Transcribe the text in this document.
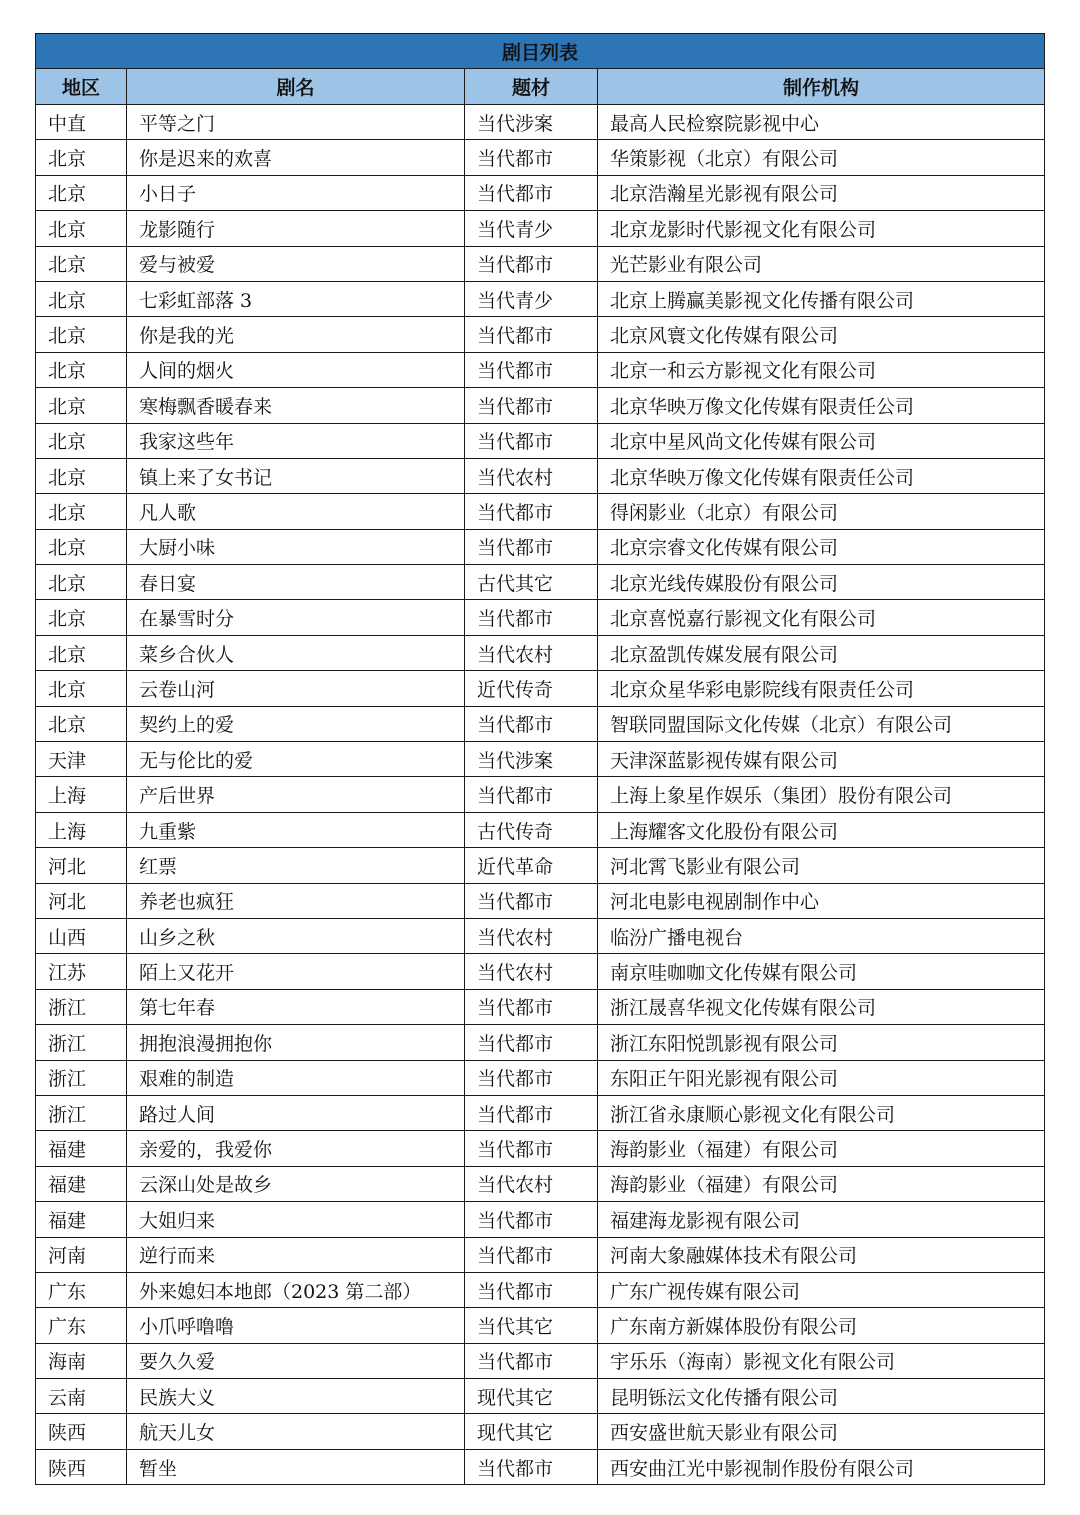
剧目列表			
地区	剧名	题材	制作机构
中直	平等之门	当代涉案	最高人民检察院影视中心
北京	你是迟来的欢喜	当代都市	华策影视（北京）有限公司
北京	小日子	当代都市	北京浩瀚星光影视有限公司
北京	龙影随行	当代青少	北京龙影时代影视文化有限公司
北京	爱与被爱	当代都市	光芒影业有限公司
北京	七彩虹部落 3	当代青少	北京上腾赢美影视文化传播有限公司
北京	你是我的光	当代都市	北京风寰文化传媒有限公司
北京	人间的烟火	当代都市	北京一和云方影视文化有限公司
北京	寒梅飘香暖春来	当代都市	北京华映万像文化传媒有限责任公司
北京	我家这些年	当代都市	北京中星风尚文化传媒有限公司
北京	镇上来了女书记	当代农村	北京华映万像文化传媒有限责任公司
北京	凡人歌	当代都市	得闲影业（北京）有限公司
北京	大厨小味	当代都市	北京宗睿文化传媒有限公司
北京	春日宴	古代其它	北京光线传媒股份有限公司
北京	在暴雪时分	当代都市	北京喜悦嘉行影视文化有限公司
北京	菜乡合伙人	当代农村	北京盈凯传媒发展有限公司
北京	云卷山河	近代传奇	北京众星华彩电影院线有限责任公司
北京	契约上的爱	当代都市	智联同盟国际文化传媒（北京）有限公司
天津	无与伦比的爱	当代涉案	天津深蓝影视传媒有限公司
上海	产后世界	当代都市	上海上象星作娱乐（集团）股份有限公司
上海	九重紫	古代传奇	上海耀客文化股份有限公司
河北	红票	近代革命	河北霄飞影业有限公司
河北	养老也疯狂	当代都市	河北电影电视剧制作中心
山西	山乡之秋	当代农村	临汾广播电视台
江苏	陌上又花开	当代农村	南京哇咖咖文化传媒有限公司
浙江	第七年春	当代都市	浙江晟喜华视文化传媒有限公司
浙江	拥抱浪漫拥抱你	当代都市	浙江东阳悦凯影视有限公司
浙江	艰难的制造	当代都市	东阳正午阳光影视有限公司
浙江	路过人间	当代都市	浙江省永康顺心影视文化有限公司
福建	亲爱的，我爱你	当代都市	海韵影业（福建）有限公司
福建	云深山处是故乡	当代农村	海韵影业（福建）有限公司
福建	大姐归来	当代都市	福建海龙影视有限公司
河南	逆行而来	当代都市	河南大象融媒体技术有限公司
广东	外来媳妇本地郎（2023 第二部）	当代都市	广东广视传媒有限公司
广东	小爪呼噜噜	当代其它	广东南方新媒体股份有限公司
海南	要久久爱	当代都市	宇乐乐（海南）影视文化有限公司
云南	民族大义	现代其它	昆明铄沄文化传播有限公司
陕西	航天儿女	现代其它	西安盛世航天影业有限公司
陕西	暂坐	当代都市	西安曲江光中影视制作股份有限公司
